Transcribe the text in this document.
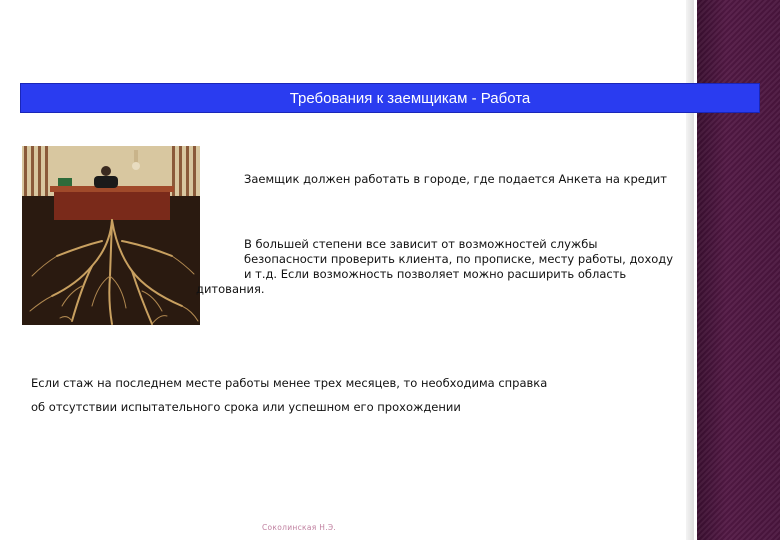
Требования к заемщикам - Работа
Заемщик должен работать в городе, где подается Анкета на кредит
В большей степени все зависит от возможностей службы
безопасности проверить клиента, по прописке, месту работы, доходу
и т.д. Если возможность позволяет можно расширить область
дитования.
Если стаж на последнем месте работы менее трех месяцев, то необходима справка
об отсутствии испытательного срока или успешном его прохождении
Соколинская Н.Э.
